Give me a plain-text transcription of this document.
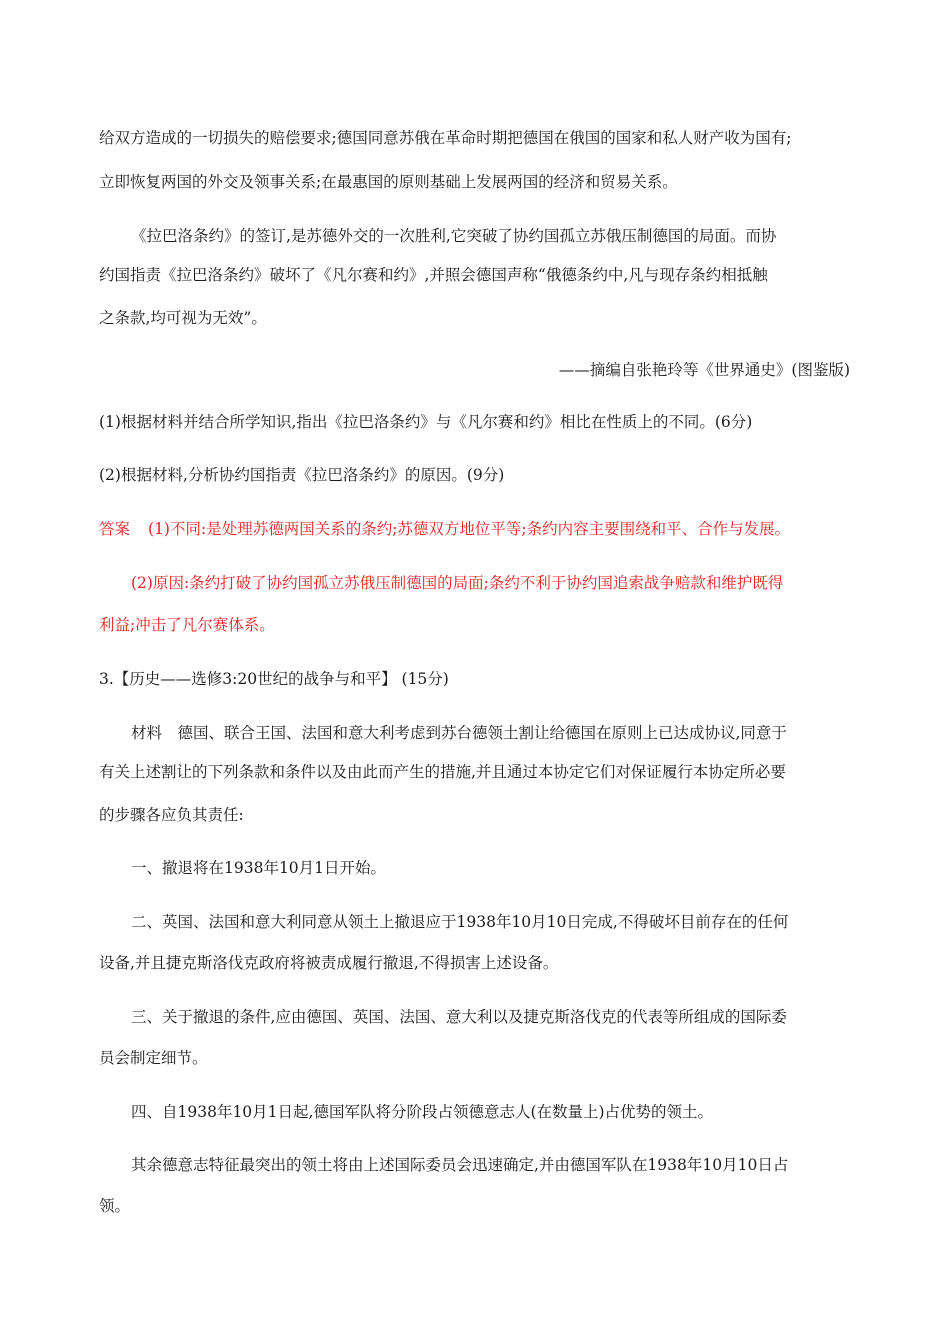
给双方造成的一切损失的赔偿要求;德国同意苏俄在革命时期把德国在俄国的国家和私人财产收为国有;
立即恢复两国的外交及领事关系;在最惠国的原则基础上发展两国的经济和贸易关系。
《拉巴洛条约》的签订,是苏德外交的一次胜利,它突破了协约国孤立苏俄压制德国的局面。而协
约国指责《拉巴洛条约》破坏了《凡尔赛和约》,并照会德国声称“俄德条约中,凡与现存条约相抵触
之条款,均可视为无效”。
——摘编自张艳玲等《世界通史》(图鉴版)
(1)根据材料并结合所学知识,指出《拉巴洛条约》与《凡尔赛和约》相比在性质上的不同。(6分)
(2)根据材料,分析协约国指责《拉巴洛条约》的原因。(9分)
答案 (1)不同:是处理苏德两国关系的条约;苏德双方地位平等;条约内容主要围绕和平、合作与发展。
(2)原因:条约打破了协约国孤立苏俄压制德国的局面;条约不利于协约国追索战争赔款和维护既得
利益;冲击了凡尔赛体系。
3.【历史——选修3:20世纪的战争与和平】 (15分)
材料　德国、联合王国、法国和意大利考虑到苏台德领土割让给德国在原则上已达成协议,同意于
有关上述割让的下列条款和条件以及由此而产生的措施,并且通过本协定它们对保证履行本协定所必要
的步骤各应负其责任:
一、撤退将在1938年10月1日开始。
二、英国、法国和意大利同意从领土上撤退应于1938年10月10日完成,不得破坏目前存在的任何
设备,并且捷克斯洛伐克政府将被责成履行撤退,不得损害上述设备。
三、关于撤退的条件,应由德国、英国、法国、意大利以及捷克斯洛伐克的代表等所组成的国际委
员会制定细节。
四、自1938年10月1日起,德国军队将分阶段占领德意志人(在数量上)占优势的领土。
其余德意志特征最突出的领土将由上述国际委员会迅速确定,并由德国军队在1938年10月10日占
领。
